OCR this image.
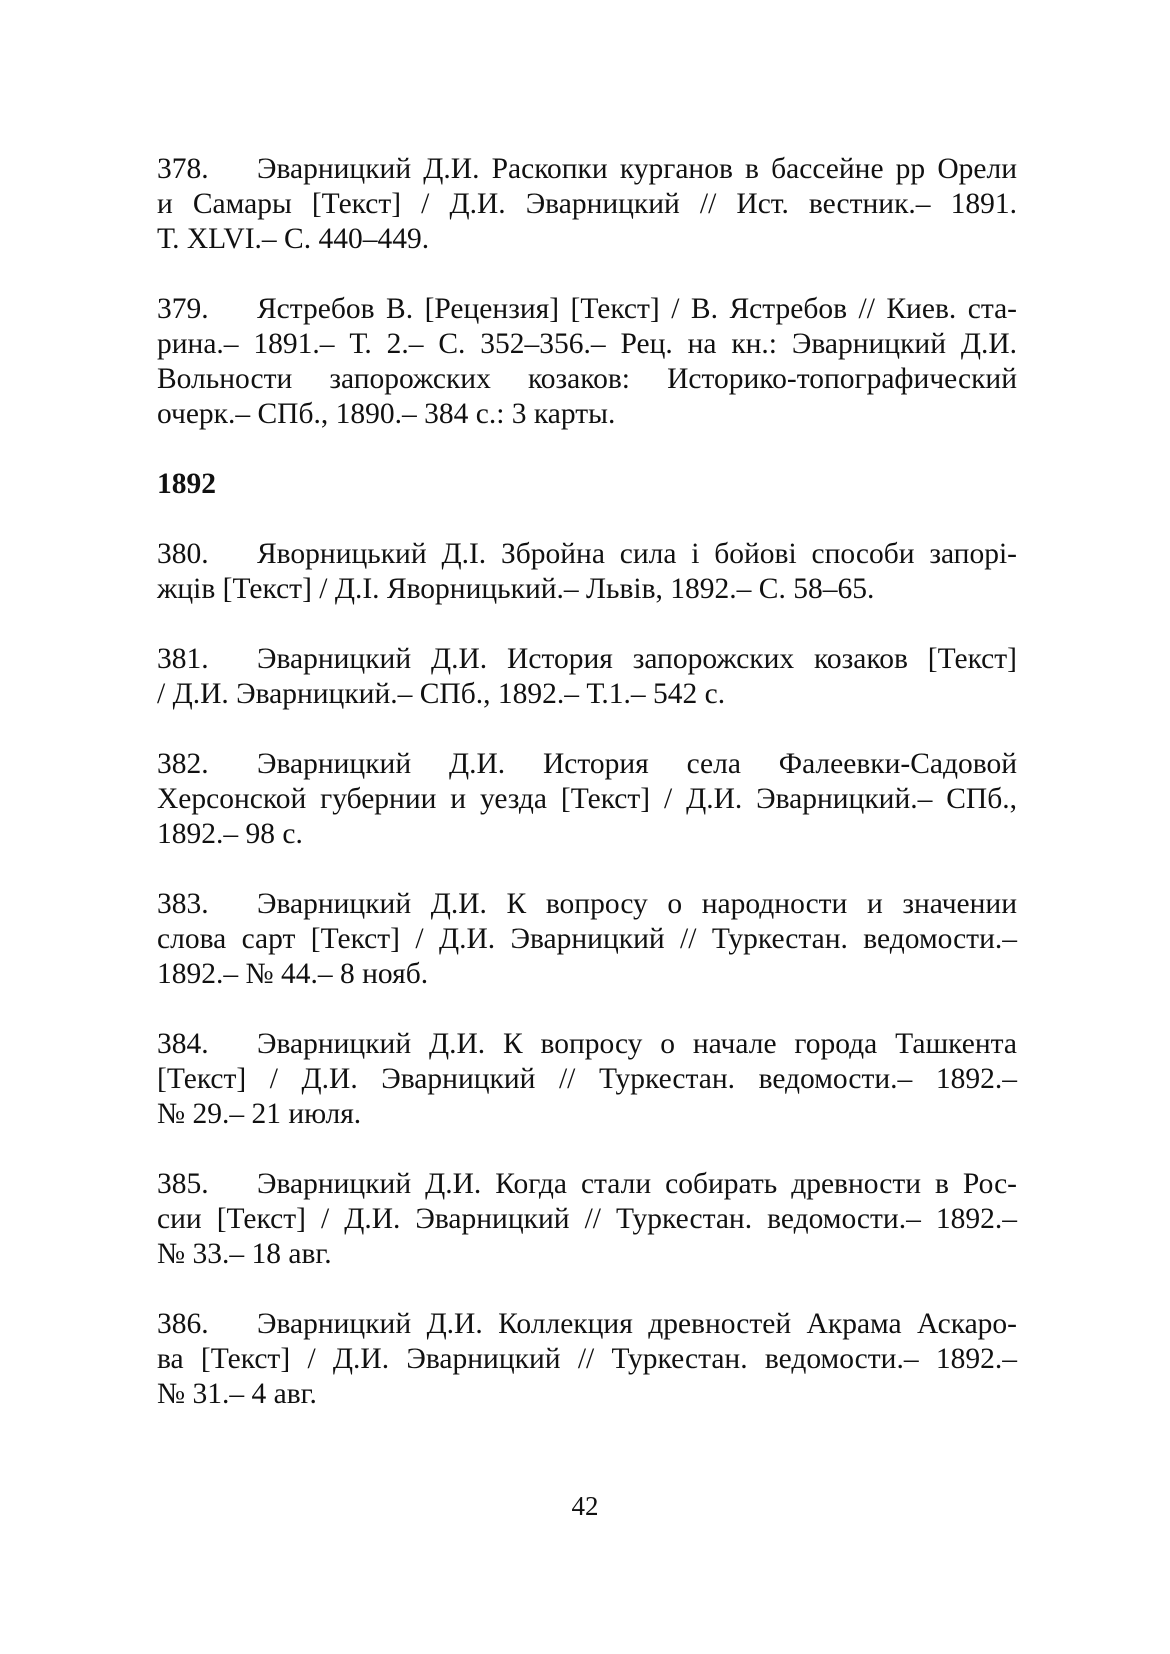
378. Эварницкий Д.И. Раскопки курганов в бассейне рр Орели
и Самары [Текст] / Д.И. Эварницкий // Ист. вестник.– 1891.
Т. XLVI.– С. 440–449.
379. Ястребов В. [Рецензия] [Текст] / В. Ястребов // Киев. ста-
рина.– 1891.– Т. 2.– С. 352–356.– Рец. на кн.: Эварницкий Д.И.
Вольности запорожских козаков: Историко-топографический
очерк.– СПб., 1890.– 384 с.: 3 карты.
1892
380. Яворницький Д.І. Збройна сила і бойові способи запорі-
жців [Текст] / Д.І. Яворницький.– Львів, 1892.– С. 58–65.
381. Эварницкий Д.И. История запорожских козаков [Текст]
/ Д.И. Эварницкий.– СПб., 1892.– Т.1.– 542 с.
382. Эварницкий Д.И. История села Фалеевки-Садовой
Херсонской губернии и уезда [Текст] / Д.И. Эварницкий.– СПб.,
1892.– 98 с.
383. Эварницкий Д.И. К вопросу о народности и значении
слова сарт [Текст] / Д.И. Эварницкий // Туркестан. ведомости.–
1892.– № 44.– 8 нояб.
384. Эварницкий Д.И. К вопросу о начале города Ташкента
[Текст] / Д.И. Эварницкий // Туркестан. ведомости.– 1892.–
№ 29.– 21 июля.
385. Эварницкий Д.И. Когда стали собирать древности в Рос-
сии [Текст] / Д.И. Эварницкий // Туркестан. ведомости.– 1892.–
№ 33.– 18 авг.
386. Эварницкий Д.И. Коллекция древностей Акрама Аскаро-
ва [Текст] / Д.И. Эварницкий // Туркестан. ведомости.– 1892.–
№ 31.– 4 авг.
42
